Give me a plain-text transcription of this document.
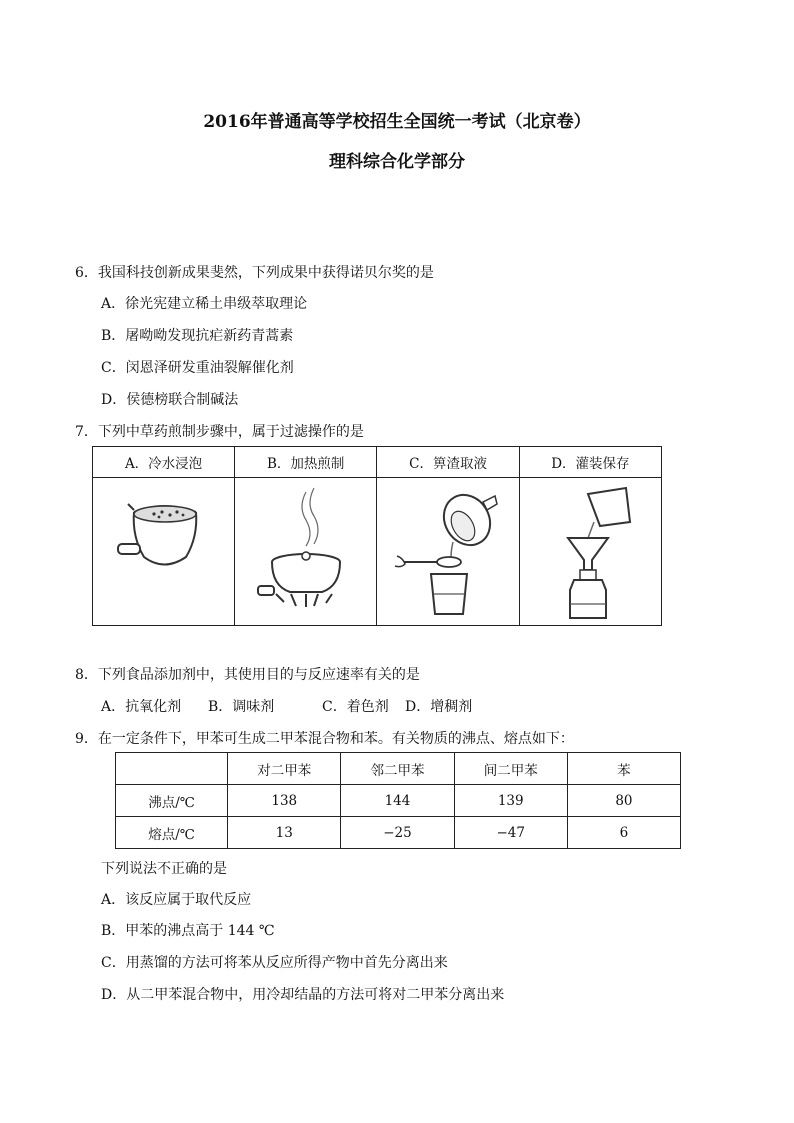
2016年普通高等学校招生全国统一考试（北京卷）
理科综合化学部分
6．我国科技创新成果斐然，下列成果中获得诺贝尔奖的是
A．徐光宪建立稀土串级萃取理论
B．屠呦呦发现抗疟新药青蒿素
C．闵恩泽研发重油裂解催化剂
D．侯德榜联合制碱法
7．下列中草药煎制步骤中，属于过滤操作的是
A．冷水浸泡	B．加热煎制	C．箅渣取液	D．灌装保存

8．下列食品添加剂中，其使用目的与反应速率有关的是
A．抗氧化剂 B．调味剂	C．着色剂 D．增稠剂
9．在一定条件下，甲苯可生成二甲苯混合物和苯。有关物质的沸点、熔点如下：
	对二甲苯	邻二甲苯	间二甲苯	苯
沸点/℃	138	144	139	80
熔点/℃	13	−25	−47	6
下列说法不正确的是
A．该反应属于取代反应
B．甲苯的沸点高于 144 ℃
C．用蒸馏的方法可将苯从反应所得产物中首先分离出来
D．从二甲苯混合物中，用冷却结晶的方法可将对二甲苯分离出来
